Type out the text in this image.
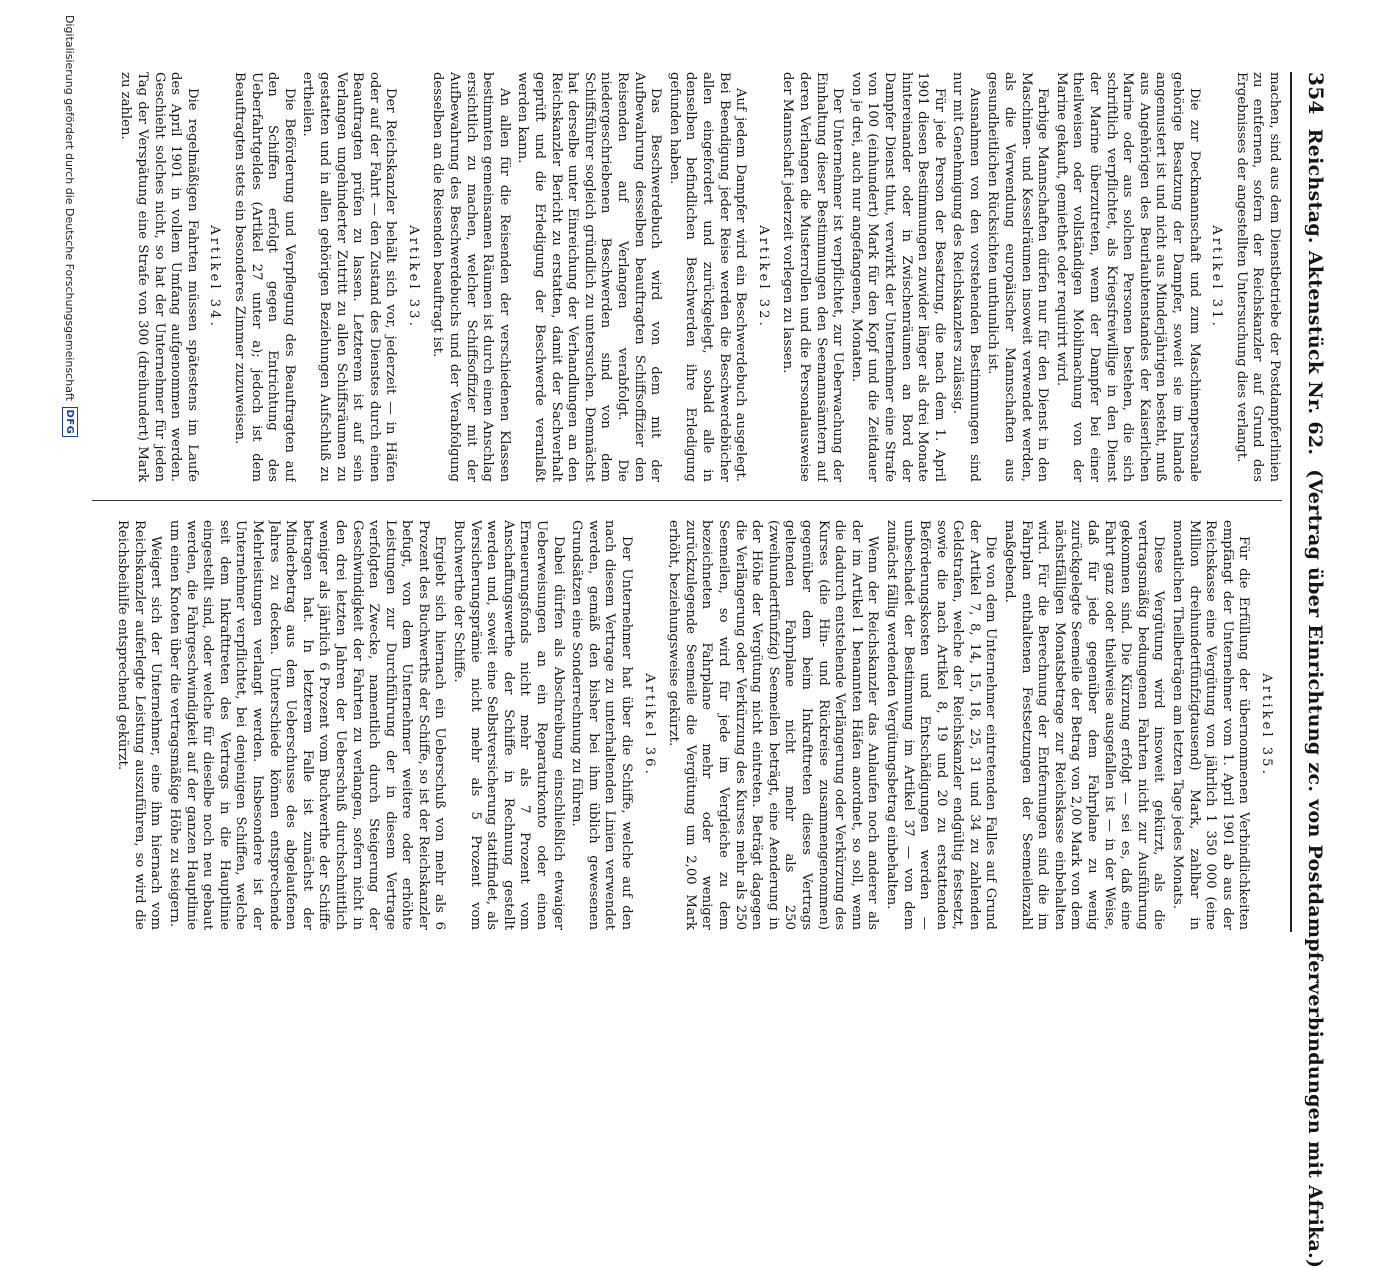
354
Reichstag. Aktenstück Nr. 62.
(Vertrag über Einrichtung zc. von Postdampferverbindungen mit Afrika.)

machen, sind aus dem Dienstbetriebe der Postdampferlinien zu entfernen, sofern der Reichskanzler auf Grund des Ergebnisses der angestellten Untersuchung dies verlangt.

Artikel 31.

Die zur Deckmannschaft und zum Maschinenpersonale gehörige Besatzung der Dampfer, soweit sie im Inlande angemustert ist und nicht aus Minderjährigen besteht, muß aus Angehörigen des Beurlaubtenstandes der Kaiserlichen Marine oder aus solchen Personen bestehen, die sich schriftlich verpflichtet, als Kriegsfreiwillige in den Dienst der Marine überzutreten, wenn der Dampfer bei einer theilweisen oder vollständigen Mobilmachung von der Marine gekauft, gemiethet oder requirirt wird.

Farbige Mannschaften dürfen nur für den Dienst in den Maschinen- und Kesselräumen insoweit verwendet werden, als die Verwendung europäischer Mannschaften aus gesundheitlichen Rücksichten unthunlich ist.

Ausnahmen von den vorstehenden Bestimmungen sind nur mit Genehmigung des Reichskanzlers zulässig.

Für jede Person der Besatzung, die nach dem 1. April 1901 diesen Bestimmungen zuwider länger als drei Monate hintereinander oder in Zwischenräumen an Bord der Dampfer Dienst thut, verwirkt der Unternehmer eine Strafe von 100 (einhundert) Mark für den Kopf und die Zeitdauer von je drei, auch nur angefangenen, Monaten.

Der Unternehmer ist verpflichtet, zur Ueberwachung der Einhaltung dieser Bestimmungen den Seemannsämtern auf deren Verlangen die Musterrollen und die Personalausweise der Mannschaft jederzeit vorlegen zu lassen.

Artikel 32.

Auf jedem Dampfer wird ein Beschwerdebuch ausgelegt. Bei Beendigung jeder Reise werden die Beschwerdebücher allen eingefordert und zurückgelegt, sobald alle in denselben befindlichen Beschwerden ihre Erledigung gefunden haben.

Das Beschwerdebuch wird von dem mit der Aufbewahrung desselben beauftragten Schiffsoffizier den Reisenden auf Verlangen verabfolgt. Die niedergeschriebenen Beschwerden sind von dem Schiffsführer sogleich gründlich zu untersuchen. Demnächst hat derselbe unter Einreichung der Verhandlungen an den Reichskanzler Bericht zu erstatten, damit der Sachverhalt geprüft und die Erledigung der Beschwerde veranlaßt werden kann.

An allen für die Reisenden der verschiedenen Klassen bestimmten gemeinsamen Räumen ist durch einen Anschlag ersichtlich zu machen, welcher Schiffsoffizier mit der Aufbewahrung des Beschwerdebuchs und der Verabfolgung desselben an die Reisenden beauftragt ist.

Artikel 33.

Der Reichskanzler behält sich vor, jederzeit — in Häfen oder auf der Fahrt — den Zustand des Dienstes durch einen Beauftragten prüfen zu lassen. Letzterem ist auf sein Verlangen ungehinderter Zutritt zu allen Schiffsräumen zu gestatten und in allen gehörigen Beziehungen Aufschluß zu ertheilen.

Die Beförderung und Verpflegung des Beauftragten auf den Schiffen erfolgt gegen Entrichtung des Ueberfahrtgeldes (Artikel 27 unter a); jedoch ist dem Beauftragten stets ein besonderes Zimmer zuzuweisen.

Artikel 34.

Die regelmäßigen Fahrten müssen spätestens im Laufe des April 1901 in vollem Umfang aufgenommen werden. Geschieht solches nicht, so hat der Unternehmer für jeden Tag der Verspätung eine Strafe von 300 (dreihundert) Mark zu zahlen.

Artikel 35.

Für die Erfüllung der übernommenen Verbindlichkeiten empfängt der Unternehmer vom 1. April 1901 ab aus der Reichskasse eine Vergütung von jährlich 1 350 000 (eine Million dreihundertfünfzigtausend) Mark, zahlbar in monatlichen Theilbeträgen am letzten Tage jedes Monats.

Diese Vergütung wird insoweit gekürzt, als die vertragsmäßig bedungenen Fahrten nicht zur Ausführung gekommen sind. Die Kürzung erfolgt — sei es, daß eine Fahrt ganz oder theilweise ausgefallen ist — in der Weise, daß für jede gegenüber dem Fahrplane zu wenig zurückgelegte Seemeile der Betrag von 2,00 Mark von dem nächstfälligen Monatsbetrage zur Reichskasse einbehalten wird. Für die Berechnung der Entfernungen sind die im Fahrplan enthaltenen Festsetzungen der Seemeilenzahl maßgebend.

Die von dem Unternehmer eintretenden Falles auf Grund der Artikel 7, 8, 14, 15, 18, 25, 31 und 34 zu zahlenden Geldstrafen, welche der Reichskanzler endgültig festsetzt, sowie die nach Artikel 8, 19 und 20 zu erstattenden Beförderungskosten und Entschädigungen werden — unbeschadet der Bestimmung im Artikel 37 — von dem zunächst fällig werdenden Vergütungsbetrag einbehalten.

Wenn der Reichskanzler das Anlaufen noch anderer als der im Artikel 1 benannten Häfen anordnet, so soll, wenn die dadurch entstehende Verlängerung oder Verkürzung des Kurses (die Hin- und Rückreise zusammengenommen) gegenüber dem beim Inkrafttreten dieses Vertrags geltenden Fahrplane nicht mehr als 250 (zweihundertfünfzig) Seemeilen beträgt, eine Aenderung in der Höhe der Vergütung nicht eintreten. Beträgt dagegen die Verlängerung oder Verkürzung des Kurses mehr als 250 Seemeilen, so wird für jede im Vergleiche zu dem bezeichneten Fahrplane mehr oder weniger zurückzulegende Seemeile die Vergütung um 2,00 Mark erhöht, beziehungsweise gekürzt.

Artikel 36.

Der Unternehmer hat über die Schiffe, welche auf den nach diesem Vertrage zu unterhaltenden Linien verwendet werden, gemäß den bisher bei ihm üblich gewesenen Grundsätzen eine Sonderrechnung zu führen.

Dabei dürfen als Abschreibung einschließlich etwaiger Ueberweisungen an ein Reparaturkonto oder einen Erneuerungsfonds nicht mehr als 7 Prozent vom Anschaffungswerthe der Schiffe in Rechnung gestellt werden und, soweit eine Selbstversicherung stattfindet, als Versicherungsprämie nicht mehr als 5 Prozent vom Buchwerthe der Schiffe.

Ergiebt sich hiernach ein Ueberschuß von mehr als 6 Prozent des Buchwerths der Schiffe, so ist der Reichskanzler befugt, von dem Unternehmer weitere oder erhöhte Leistungen zur Durchführung der in diesem Vertrage verfolgten Zwecke, namentlich durch Steigerung der Geschwindigkeit der Fahrten zu verlangen, sofern nicht in den drei letzten Jahren der Ueberschuß durchschnittlich weniger als jährlich 6 Prozent vom Buchwerthe der Schiffe betragen hat. In letzterem Falle ist zunächst der Minderbetrag aus dem Ueberschusse des abgelaufenen Jahres zu decken. Unterschiede können entsprechende Mehrleistungen verlangt werden. Insbesondere ist der Unternehmer verpflichtet, bei denjenigen Schiffen, welche seit dem Inkrafttreten des Vertrags in die Hauptlinie eingestellt sind, oder welche für dieselbe noch neu gebaut werden, die Fahrgeschwindigkeit auf der ganzen Hauptlinie um einen Knoten über die vertragsmäßige Höhe zu steigern.

Weigert sich der Unternehmer, eine ihm hiernach vom Reichskanzler auferlegte Leistung auszuführen, so wird die Reichsbeihilfe entsprechend gekürzt.

Digitalisierung gefördert durch die Deutsche Forschungsgemeinschaft
DFG
